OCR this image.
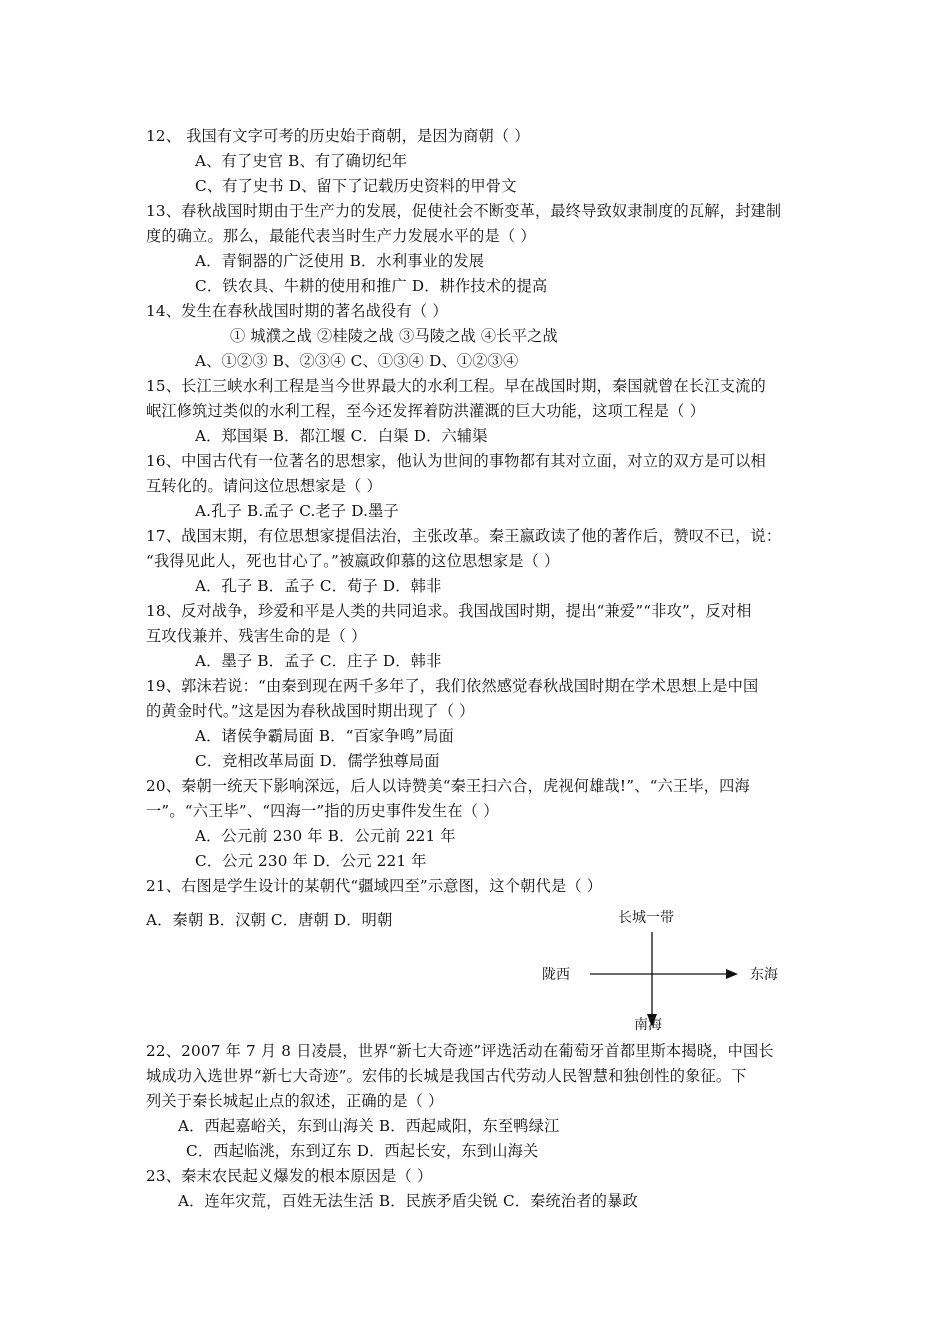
12、 我国有文字可考的历史始于商朝，是因为商朝（ ）
A、有了史官 B、有了确切纪年
C、有了史书 D、留下了记载历史资料的甲骨文
13、春秋战国时期由于生产力的发展，促使社会不断变革，最终导致奴隶制度的瓦解，封建制
度的确立。那么，最能代表当时生产力发展水平的是（ ）
A．青铜器的广泛使用 B．水利事业的发展
C．铁农具、牛耕的使用和推广 D．耕作技术的提高
14、发生在春秋战国时期的著名战役有（ ）
① 城濮之战 ②桂陵之战 ③马陵之战 ④长平之战
A、①②③ B、②③④ C、①③④ D、①②③④
15、长江三峡水利工程是当今世界最大的水利工程。早在战国时期，秦国就曾在长江支流的
岷江修筑过类似的水利工程，至今还发挥着防洪灌溉的巨大功能，这项工程是（ ）
A．郑国渠 B．都江堰 C．白渠 D．六辅渠
16、中国古代有一位著名的思想家，他认为世间的事物都有其对立面，对立的双方是可以相
互转化的。请问这位思想家是（ ）
A.孔子 B.孟子 C.老子 D.墨子
17、战国末期，有位思想家提倡法治，主张改革。秦王嬴政读了他的著作后，赞叹不已，说：
“我得见此人，死也甘心了。”被嬴政仰慕的这位思想家是（ ）
A．孔子 B．孟子 C．荀子 D．韩非
18、反对战争，珍爱和平是人类的共同追求。我国战国时期，提出“兼爱”“非攻”，反对相
互攻伐兼并、残害生命的是（ ）
A．墨子 B．孟子 C．庄子 D．韩非
19、郭沫若说：“由秦到现在两千多年了，我们依然感觉春秋战国时期在学术思想上是中国
的黄金时代。”这是因为春秋战国时期出现了（ ）
A．诸侯争霸局面 B．“百家争鸣”局面
C．竞相改革局面 D．儒学独尊局面
20、秦朝一统天下影响深远，后人以诗赞美“秦王扫六合，虎视何雄哉!”、“六王毕，四海
一”。“六王毕”、“四海一”指的历史事件发生在（ ）
A．公元前 230 年 B．公元前 221 年
C．公元 230 年 D．公元 221 年
21、右图是学生设计的某朝代“疆域四至”示意图，这个朝代是（ ）
A．秦朝 B．汉朝 C．唐朝 D．明朝	长城一带
陇西	东海
南海
22、2007 年 7 月 8 日凌晨，世界“新七大奇迹”评选活动在葡萄牙首都里斯本揭晓，中国长
城成功入选世界“新七大奇迹”。宏伟的长城是我国古代劳动人民智慧和独创性的象征。下
列关于秦长城起止点的叙述，正确的是（ ）
A．西起嘉峪关，东到山海关 B．西起咸阳，东至鸭绿江
C．西起临洮，东到辽东 D．西起长安，东到山海关
23、秦末农民起义爆发的根本原因是（ ）
A．连年灾荒，百姓无法生活 B．民族矛盾尖锐 C．秦统治者的暴政
